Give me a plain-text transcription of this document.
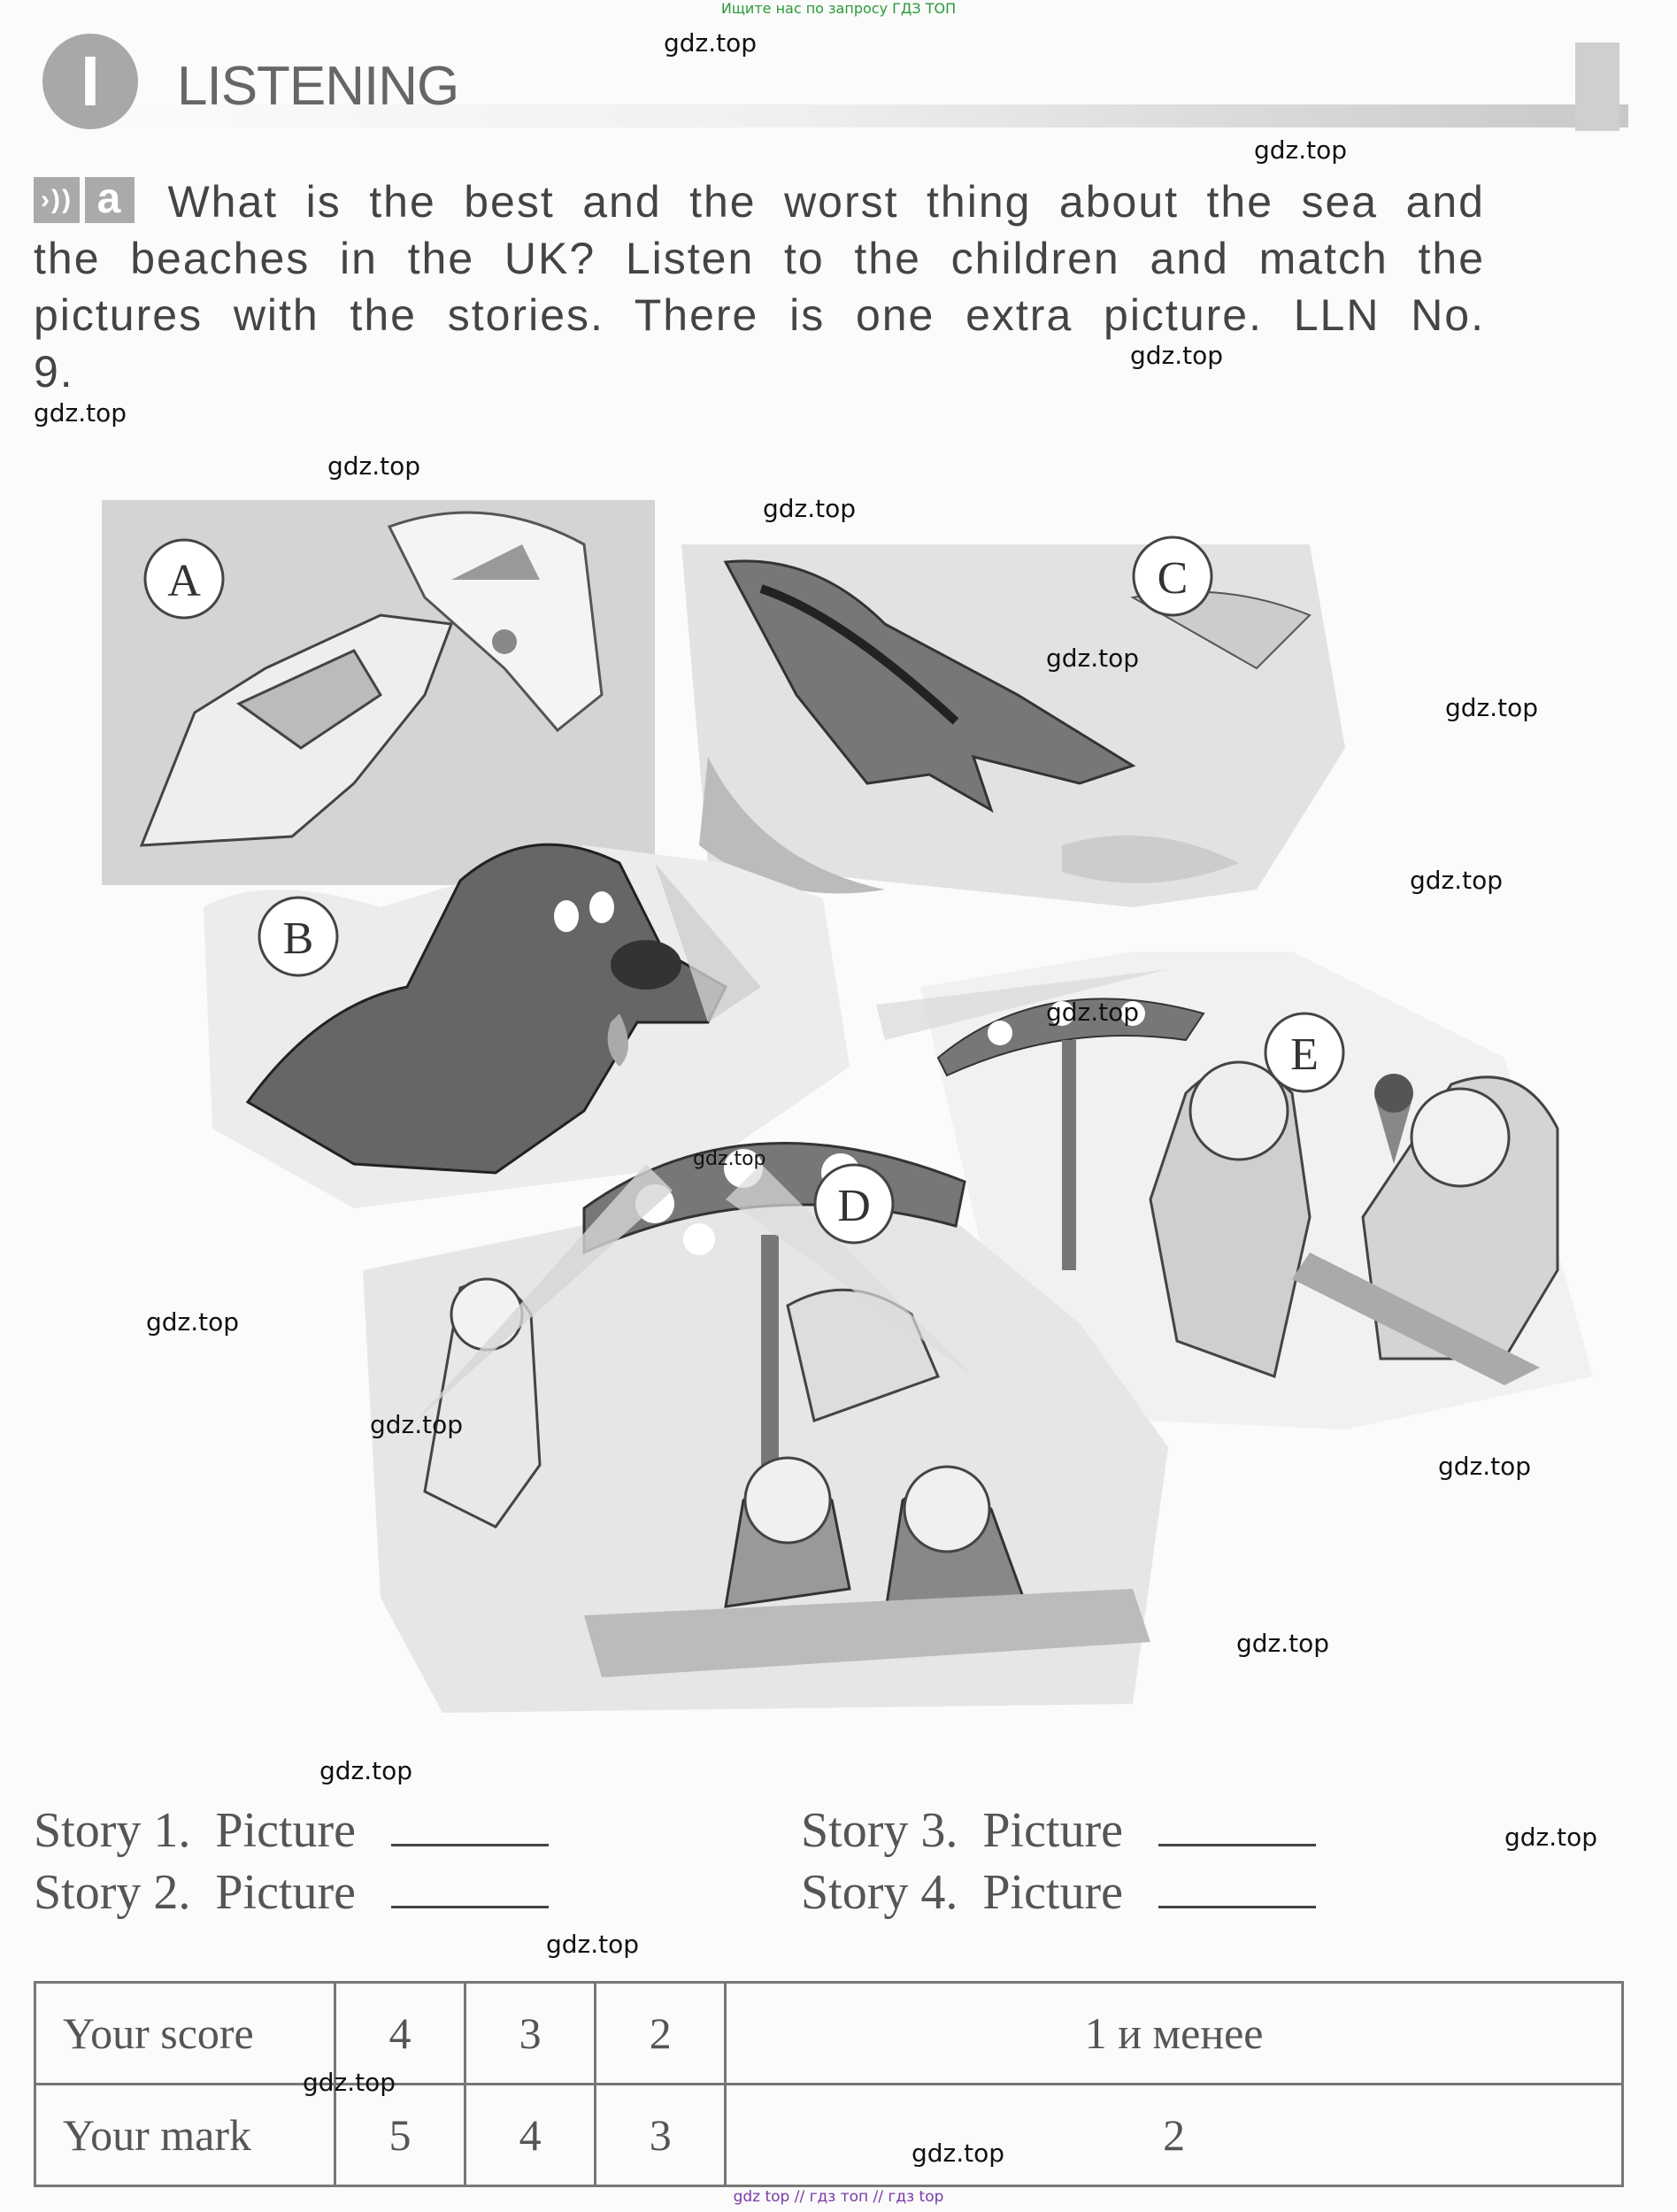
Ищите нас по запросу ГДЗ ТОП
I	LISTENING
›)) a What is the best and the worst thing about the sea and the beaches in the UK? Listen to the children and match the pictures with the stories. There is one extra picture. LLN No. 9.
A
B
C
D
E
gdz.top
gdz.top
gdz.top
gdz.top
gdz.top
gdz.top
gdz.top
gdz.top
gdz.top
gdz.top
gdz.top
gdz.top
gdz.top
gdz.top
gdz.top
gdz.top
gdz.top
gdz.top
Story 1. Picture
Story 2. Picture
Story 3. Picture
Story 4. Picture
Your score	4	3	2	1 и менее
Your mark	5	4	3	2
gdz.top
gdz.top
gdz top // гдз топ // гдз top
